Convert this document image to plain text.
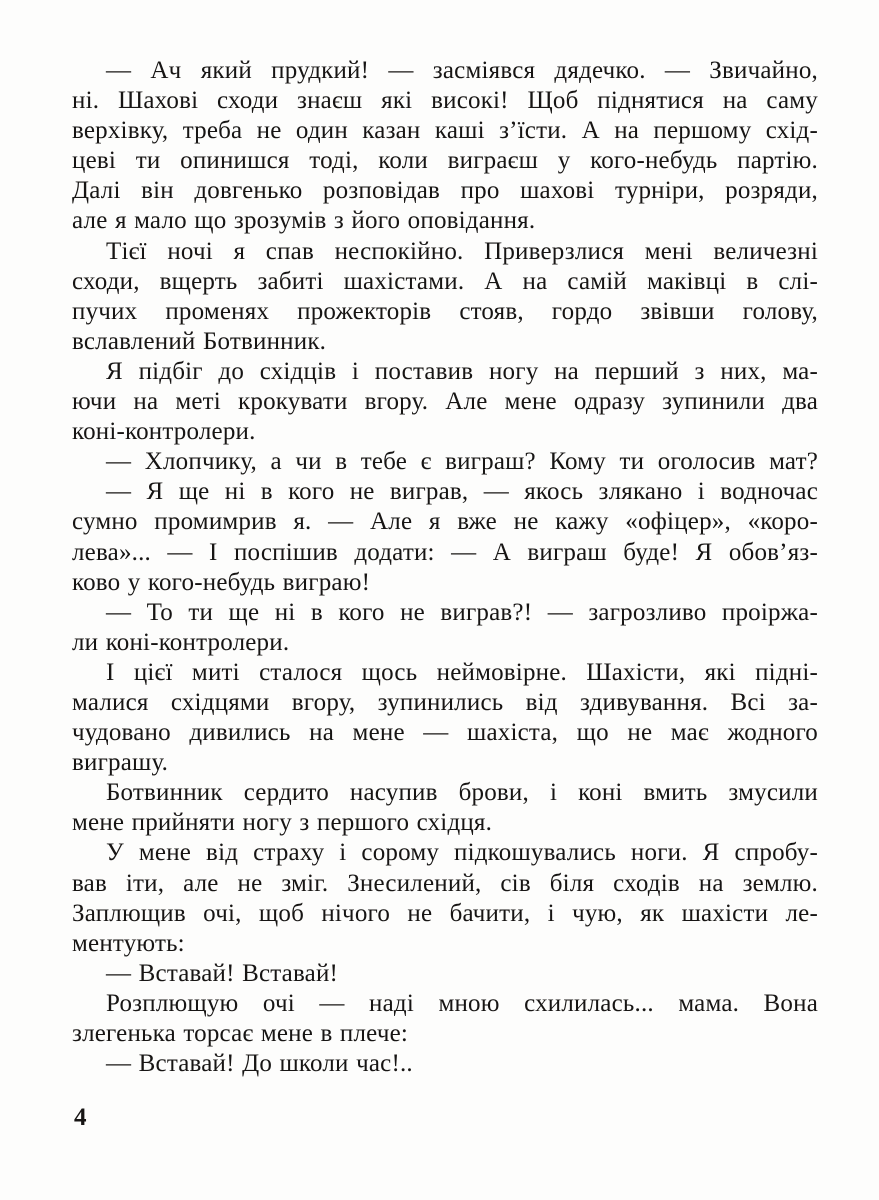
— Ач який прудкий! — засміявся дядечко. — Звичайно,
ні. Шахові сходи знаєш які високі! Щоб піднятися на саму
верхівку, треба не один казан каші з’їсти. А на першому схід-
цеві ти опинишся тоді, коли виграєш у кого-небудь партію.
Далі він довгенько розповідав про шахові турніри, розряди,
але я мало що зрозумів з його оповідання.
Тієї ночі я спав неспокійно. Приверзлися мені величезні
сходи, вщерть забиті шахістами. А на самій маківці в слі-
пучих променях прожекторів стояв, гордо звівши голову,
вславлений Ботвинник.
Я підбіг до східців і поставив ногу на перший з них, ма-
ючи на меті крокувати вгору. Але мене одразу зупинили два
коні-контролери.
— Хлопчику, а чи в тебе є виграш? Кому ти оголосив мат?
— Я ще ні в кого не виграв, — якось злякано і водночас
сумно промимрив я. — Але я вже не кажу «офіцер», «коро-
лева»... — І поспішив додати: — А виграш буде! Я обов’яз-
ково у кого-небудь виграю!
— То ти ще ні в кого не виграв?! — загрозливо проіржа-
ли коні-контролери.
І цієї миті сталося щось неймовірне. Шахісти, які підні-
малися східцями вгору, зупинились від здивування. Всі за-
чудовано дивились на мене — шахіста, що не має жодного
виграшу.
Ботвинник сердито насупив брови, і коні вмить змусили
мене прийняти ногу з першого східця.
У мене від страху і сорому підкошувались ноги. Я спробу-
вав іти, але не зміг. Знесилений, сів біля сходів на землю.
Заплющив очі, щоб нічого не бачити, і чую, як шахісти ле-
ментують:
— Вставай! Вставай!
Розплющую очі — наді мною схилилась... мама. Вона
злегенька торсає мене в плече:
— Вставай! До школи час!..
4
